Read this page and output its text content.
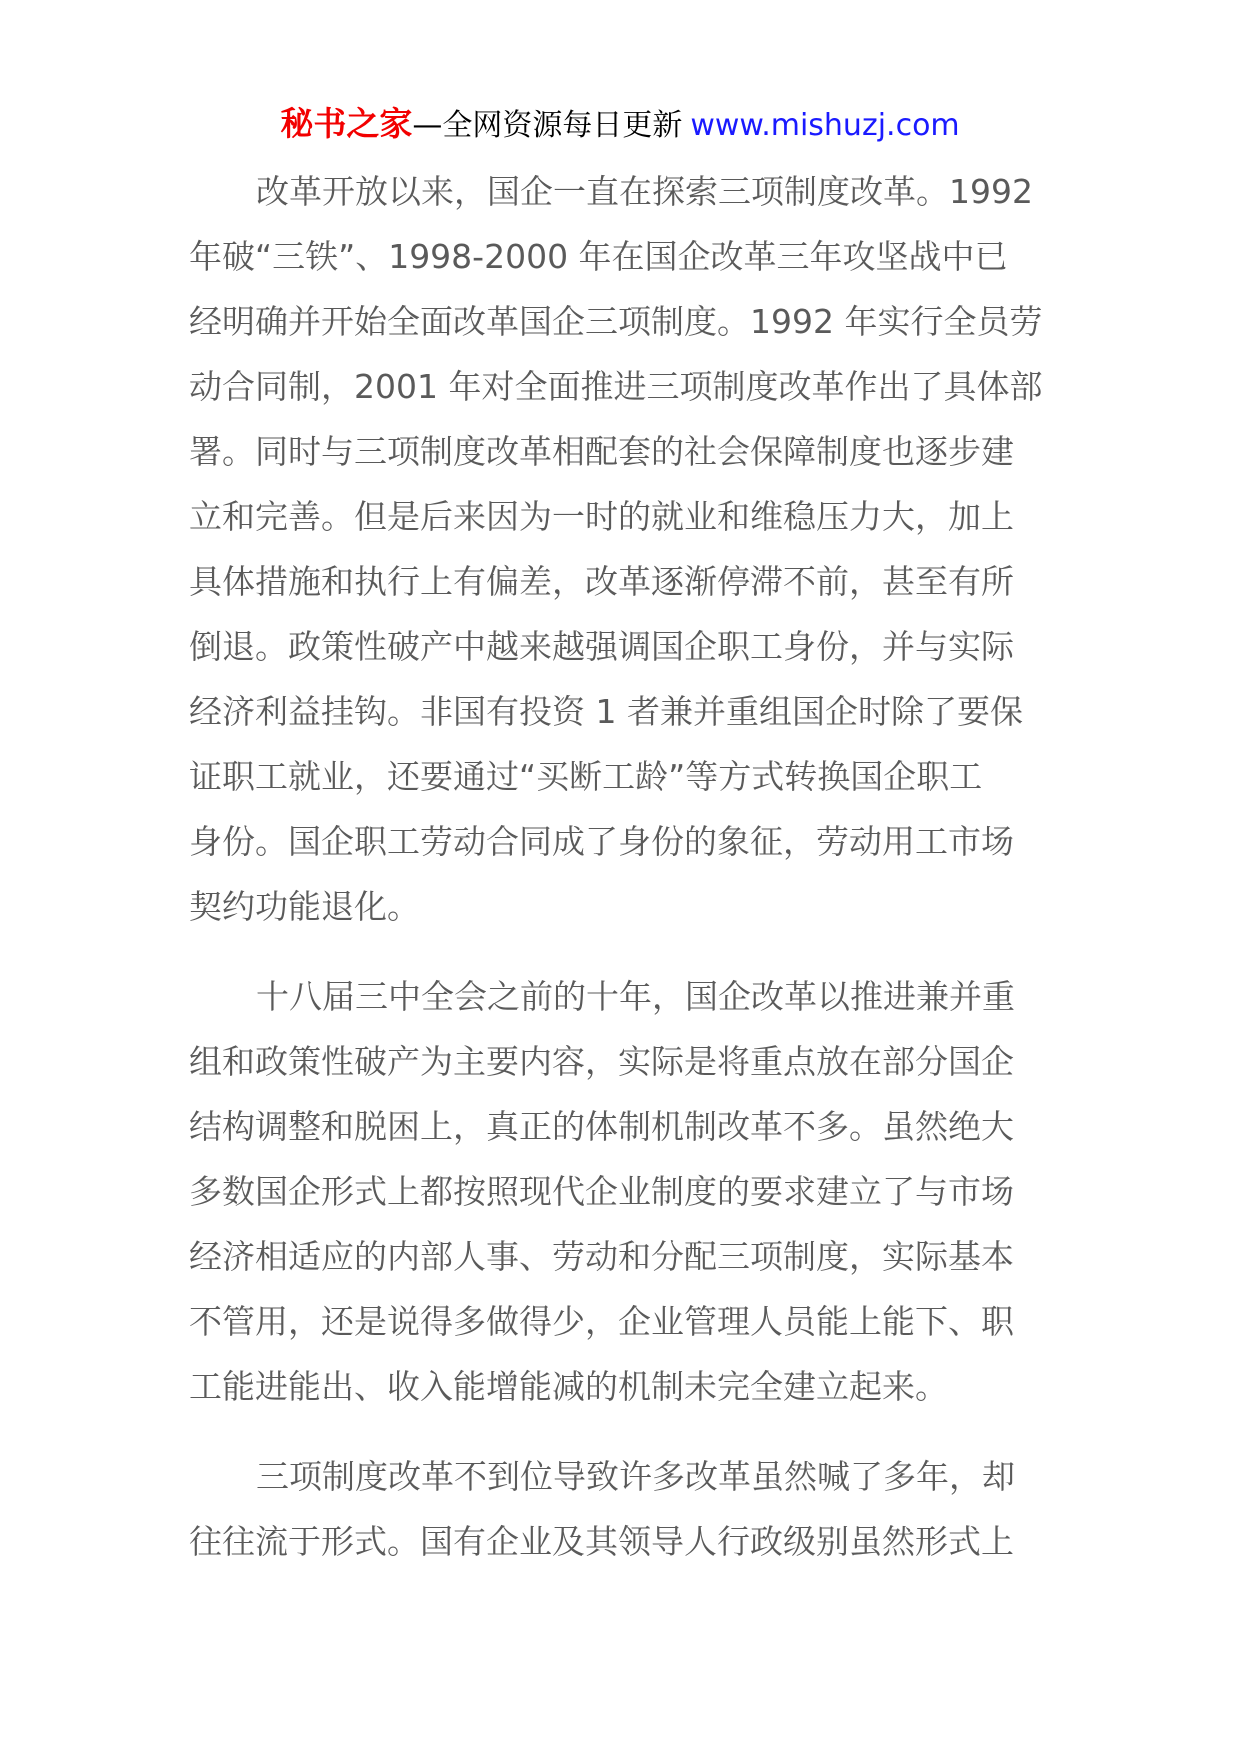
秘书之家—全网资源每日更新 www.mishuzj.com
改革开放以来，国企一直在探索三项制度改革。1992
年破“三铁”、1998-2000 年在国企改革三年攻坚战中已
经明确并开始全面改革国企三项制度。1992 年实行全员劳
动合同制，2001 年对全面推进三项制度改革作出了具体部
署。同时与三项制度改革相配套的社会保障制度也逐步建
立和完善。但是后来因为一时的就业和维稳压力大，加上
具体措施和执行上有偏差，改革逐渐停滞不前，甚至有所
倒退。政策性破产中越来越强调国企职工身份，并与实际
经济利益挂钩。非国有投资 1 者兼并重组国企时除了要保
证职工就业，还要通过“买断工龄”等方式转换国企职工
身份。国企职工劳动合同成了身份的象征，劳动用工市场
契约功能退化。
十八届三中全会之前的十年，国企改革以推进兼并重
组和政策性破产为主要内容，实际是将重点放在部分国企
结构调整和脱困上，真正的体制机制改革不多。虽然绝大
多数国企形式上都按照现代企业制度的要求建立了与市场
经济相适应的内部人事、劳动和分配三项制度，实际基本
不管用，还是说得多做得少，企业管理人员能上能下、职
工能进能出、收入能增能减的机制未完全建立起来。
三项制度改革不到位导致许多改革虽然喊了多年，却
往往流于形式。国有企业及其领导人行政级别虽然形式上
